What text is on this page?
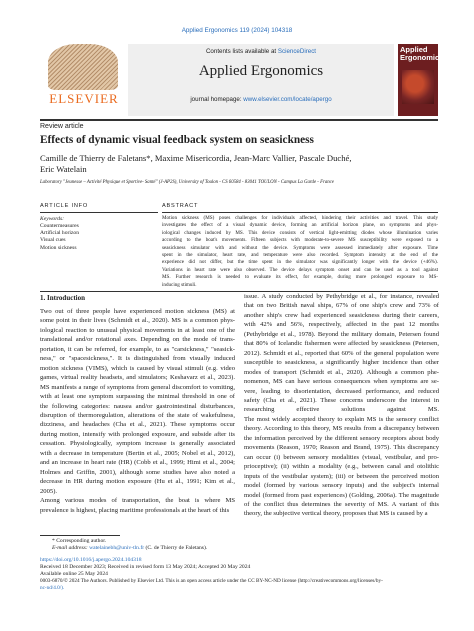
Applied Ergonomics 119 (2024) 104318
ELSEVIER
Contents lists available at ScienceDirect
Applied Ergonomics
journal homepage: www.elsevier.com/locate/apergo
Applied Ergonomics
Review article
Effects of dynamic visual feedback system on seasickness
Camille de Thierry de Faletans*, Maxime Misericordia, Jean-Marc Vallier, Pascale Duché,
Eric Watelain
Laboratory "Jeunesse – Activité Physique et Sportive- Santé" (J-AP2S), University of Toulon - CS 60584 - 83041 TOULON - Campus La Garde - France
ARTICLE INFO
Keywords:
Countermeasures
Artificial horizon
Visual cues
Motion sickness
ABSTRACT
Motion sickness (MS) poses challenges for individuals affected, hindering their activities and travel. This study
investigates the effect of a visual dynamic device, forming an artificial horizon plane, on symptoms and phys-
iological changes induced by MS. This device consists of vertical light-emitting diodes whose illumination varies
according to the boat's movements. Fifteen subjects with moderate-to-severe MS susceptibility were exposed to a
seasickness simulator with and without the device. Symptoms were assessed immediately after exposure. Time
spent in the simulator, heart rate, and temperature were also recorded. Symptom intensity at the end of the
experience did not differ, but the time spent in the simulator was significantly longer with the device (+46%).
Variations in heart rate were also observed. The device delays symptom onset and can be used as a tool against
MS. Further research is needed to evaluate its effect, for example, during more prolonged exposure to MS-
inducing stimuli.
1. Introduction
Two out of three people have experienced motion sickness (MS) at
some point in their lives (Schmidt et al., 2020). MS is a common phys-
iological reaction to unusual physical movements in at least one of the
translational and/or rotational axes. Depending on the mode of trans-
portation, it can be referred, for example, to as "carsickness," "seasick-
ness," or "spacesickness,". It is distinguished from visually induced
motion sickness (VIMS), which is caused by visual stimuli (e.g. video
games, virtual reality headsets, and simulators; Keshavarz et al., 2023).
MS manifests a range of symptoms from general discomfort to vomiting,
with at least one symptom surpassing the minimal threshold in one of
the following categories: nausea and/or gastrointestinal disturbances,
disruption of thermoregulation, alterations of the state of wakefulness,
dizziness, and headaches (Cha et al., 2021). These symptoms occur
during motion, intensify with prolonged exposure, and subside after its
cessation. Physiologically, symptom increase is generally associated
with a decrease in temperature (Bertin et al., 2005; Nobel et al., 2012),
and an increase in heart rate (HR) (Cobb et al., 1999; Himi et al., 2004;
Holmes and Griffin, 2001), although some studies have also noted a
decrease in HR during motion exposure (Hu et al., 1991; Kim et al.,
2005).
Among various modes of transportation, the boat is where MS
prevalence is highest, placing maritime professionals at the heart of this
issue. A study conducted by Pethybridge et al., for instance, revealed
that on two British naval ships, 67% of one ship's crew and 73% of
another ship's crew had experienced seasickness during their careers,
with 42% and 56%, respectively, affected in the past 12 months
(Pethybridge et al., 1978). Beyond the military domain, Petersen found
that 80% of Icelandic fishermen were affected by seasickness (Petersen,
2012). Schmidt et al., reported that 60% of the general population were
susceptible to seasickness, a significantly higher incidence than other
modes of transport (Schmidt et al., 2020). Although a common phe-
nomenon, MS can have serious consequences when symptoms are se-
vere, leading to disorientation, decreased performance, and reduced
safety (Cha et al., 2021). These concerns underscore the interest in
researching effective solutions against MS.
The most widely accepted theory to explain MS is the sensory conflict
theory. According to this theory, MS results from a discrepancy between
the information perceived by the different sensory receptors about body
movements (Reason, 1970; Reason and Brand, 1975). This discrepancy
can occur (i) between sensory modalities (visual, vestibular, and pro-
prioceptive); (ii) within a modality (e.g., between canal and otolithic
inputs of the vestibular system); (iii) or between the perceived motion
model (formed by various sensory inputs) and the subject's internal
model (formed from past experiences) (Golding, 2006a). The magnitude
of the conflict thus determines the severity of MS. A variant of this
theory, the subjective vertical theory, proposes that MS is caused by a
* Corresponding author.
E-mail address: watelainebh@univ-tln.fr (C. de Thierry de Faletans).
https://doi.org/10.1016/j.apergo.2024.104318
Received 18 December 2023; Received in revised form 13 May 2024; Accepted 20 May 2024
Available online 25 May 2024
0003-6870/© 2024 The Authors. Published by Elsevier Ltd. This is an open access article under the CC BY-NC-ND license (http://creativecommons.org/licenses/by-
nc-nd/4.0/).
